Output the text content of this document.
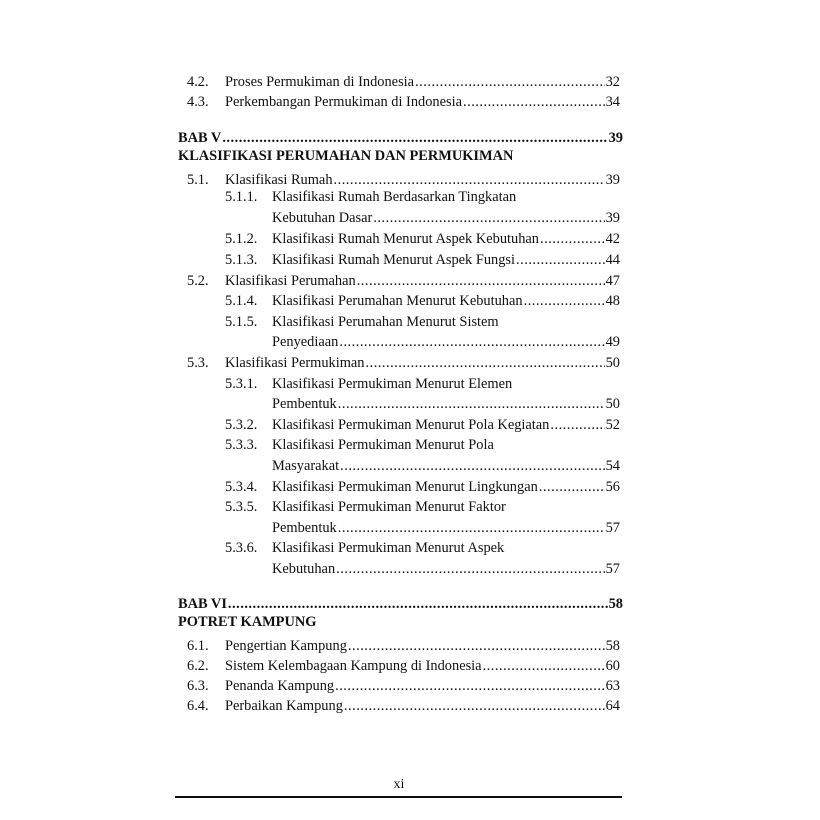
4.2. Proses Permukiman di Indonesia .....	32
4.3. Perkembangan Permukiman di Indonesia .....	34
BAB V .....	39
KLASIFIKASI PERUMAHAN DAN PERMUKIMAN
5.1. Klasifikasi Rumah .....	39
5.1.1. Klasifikasi Rumah Berdasarkan Tingkatan
Kebutuhan Dasar .....	39
5.1.2. Klasifikasi Rumah Menurut Aspek Kebutuhan .....	42
5.1.3. Klasifikasi Rumah Menurut Aspek Fungsi .....	44
5.2. Klasifikasi Perumahan .....	47
5.1.4. Klasifikasi Perumahan Menurut Kebutuhan .....	48
5.1.5. Klasifikasi Perumahan Menurut Sistem
Penyediaan .....	49
5.3. Klasifikasi Permukiman .....	50
5.3.1. Klasifikasi Permukiman Menurut Elemen
Pembentuk .....	50
5.3.2. Klasifikasi Permukiman Menurut Pola Kegiatan .....	52
5.3.3. Klasifikasi Permukiman Menurut Pola
Masyarakat .....	54
5.3.4. Klasifikasi Permukiman Menurut Lingkungan .....	56
5.3.5. Klasifikasi Permukiman Menurut Faktor
Pembentuk .....	57
5.3.6. Klasifikasi Permukiman Menurut Aspek
Kebutuhan .....	57
BAB VI .....	58
POTRET KAMPUNG
6.1. Pengertian Kampung .....	58
6.2. Sistem Kelembagaan Kampung di Indonesia .....	60
6.3. Penanda Kampung .....	63
6.4. Perbaikan Kampung .....	64
xi
